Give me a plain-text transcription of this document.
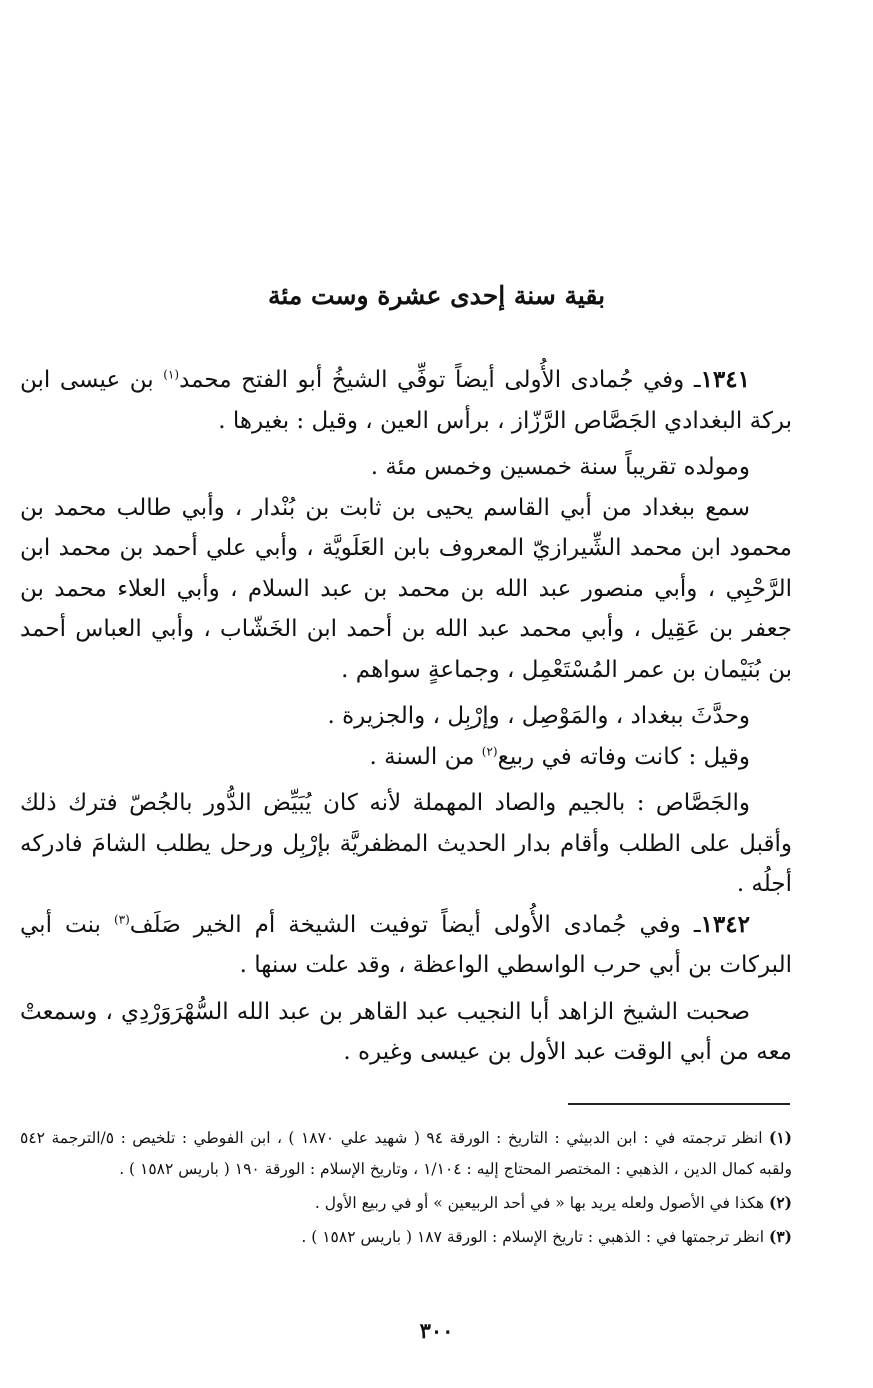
بقية سنة إحدى عشرة وست مئة

١٣٤١ـ وفي جُمادى الأُولى أيضاً توفِّي الشيخُ أبو الفتح محمد$^{(١)}$ بن عيسى ابن بركة البغدادي الجَصَّاص الرَّزّاز ، برأس العين ، وقيل : بغيرها .

ومولده تقريباً سنة خمسين وخمس مئة .

سمع ببغداد من أبي القاسم يحيى بن ثابت بن بُنْدار ، وأبي طالب محمد بن محمود ابن محمد الشِّيرازيّ المعروف بابن العَلَويَّة ، وأبي علي أحمد بن محمد ابن الرَّحْبِي ، وأبي منصور عبد الله بن محمد بن عبد السلام ، وأبي العلاء محمد بن جعفر بن عَقِيل ، وأبي محمد عبد الله بن أحمد ابن الخَشّاب ، وأبي العباس أحمد بن بُنَيْمان بن عمر المُسْتَعْمِل ، وجماعةٍ سواهم .

وحدَّثَ ببغداد ، والمَوْصِل ، وإرْبِل ، والجزيرة .

وقيل : كانت وفاته في ربيع$^{(٢)}$ من السنة .

والجَصَّاص : بالجيم والصاد المهملة لأنه كان يُبَيِّض الدُّور بالجُصّ فترك ذلك وأقبل على الطلب وأقام بدار الحديث المظفريَّة بإرْبِل ورحل يطلب الشامَ فادركه أجلُه .

١٣٤٢ـ وفي جُمادى الأُولى أيضاً توفيت الشيخة أم الخير صَلَف$^{(٣)}$ بنت أبي البركات بن أبي حرب الواسطي الواعظة ، وقد علت سنها .

صحبت الشيخ الزاهد أبا النجيب عبد القاهر بن عبد الله السُّهْرَوَرْدِي ، وسمعتْ معه من أبي الوقت عبد الأول بن عيسى وغيره .

(١) انظر ترجمته في : ابن الدبيثي : التاريخ : الورقة ٩٤ ( شهيد علي ١٨٧٠ ) ، ابن الفوطي : تلخيص : ٥/الترجمة ٥٤٢ ولقبه كمال الدين ، الذهبي : المختصر المحتاج إليه : ١/١٠٤ ، وتاريخ الإسلام : الورقة ١٩٠ ( باريس ١٥٨٢ ) .

(٢) هكذا في الأصول ولعله يريد بها « في أحد الربيعين » أو في ربيع الأول .

(٣) انظر ترجمتها في : الذهبي : تاريخ الإسلام : الورقة ١٨٧ ( باريس ١٥٨٢ ) .

٣٠٠
